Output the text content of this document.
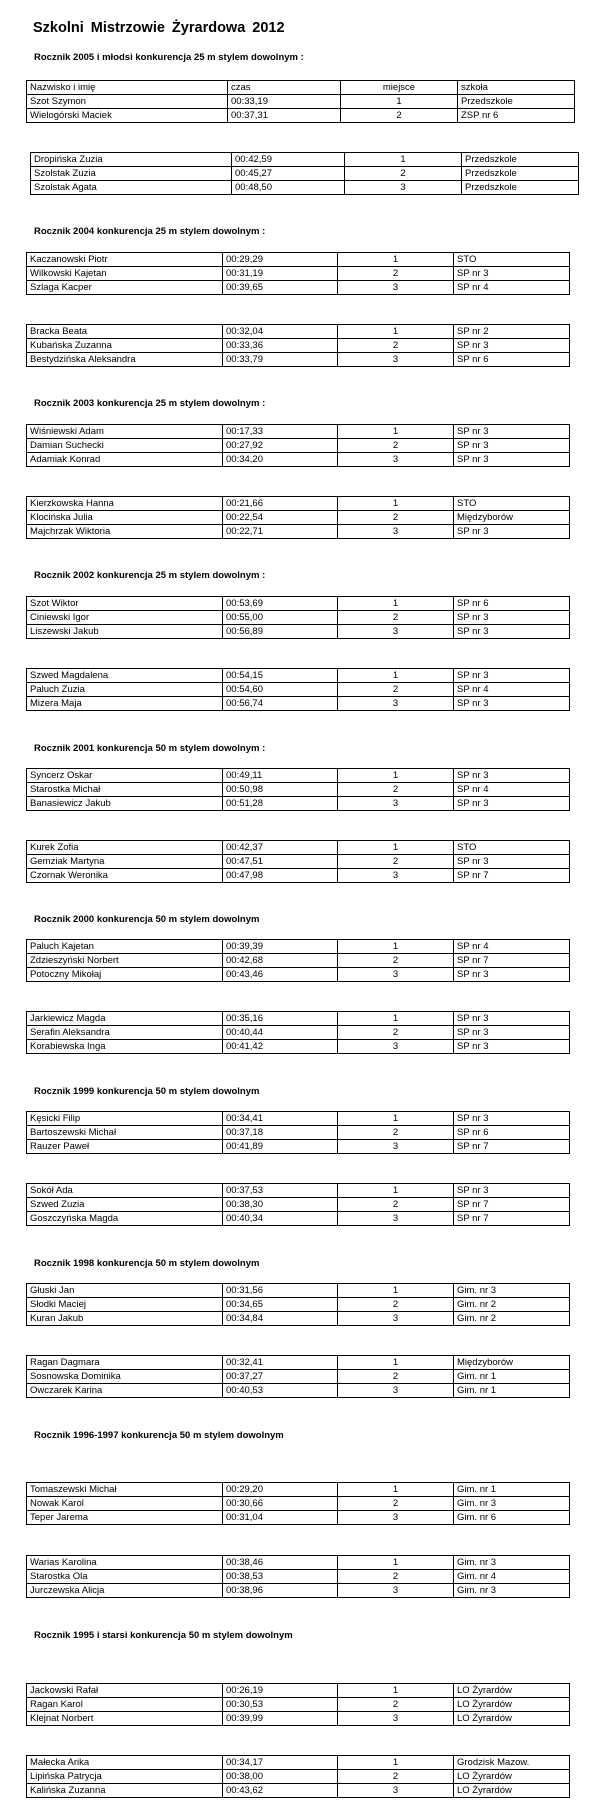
Szkolni Mistrzowie Żyrardowa 2012
Rocznik 2005 i młodsi konkurencja 25 m stylem dowolnym :
Nazwisko i imię	czas	miejsce	szkoła
Szot Szymon	00:33,19	1	Przedszkole
Wielogórski Maciek	00:37,31	2	ZSP nr 6
Dropińska Zuzia	00:42,59	1	Przedszkole
Szolstak Zuzia	00:45,27	2	Przedszkole
Szolstak Agata	00:48,50	3	Przedszkole
Rocznik 2004 konkurencja 25 m stylem dowolnym :
Kaczanowski Piotr	00:29,29	1	STO
Wilkowski Kajetan	00:31,19	2	SP nr 3
Szlaga Kacper	00:39,65	3	SP nr 4
Bracka Beata	00:32,04	1	SP nr 2
Kubańska Zuzanna	00:33,36	2	SP nr 3
Bestydzińska Aleksandra	00:33,79	3	SP nr 6
Rocznik 2003 konkurencja 25 m stylem dowolnym :
Wiśniewski Adam	00:17,33	1	SP nr 3
Damian Suchecki	00:27,92	2	SP nr 3
Adamiak Konrad	00:34,20	3	SP nr 3
Kierzkowska Hanna	00:21,66	1	STO
Klocińska Julia	00:22,54	2	Międzyborów
Majchrzak Wiktoria	00:22,71	3	SP nr 3
Rocznik 2002 konkurencja 25 m stylem dowolnym :
Szot Wiktor	00:53,69	1	SP nr 6
Ciniewski Igor	00:55,00	2	SP nr 3
Liszewski Jakub	00:56,89	3	SP nr 3
Szwed Magdalena	00:54,15	1	SP nr 3
Paluch Zuzia	00:54,60	2	SP nr 4
Mizera Maja	00:56,74	3	SP nr 3
Rocznik 2001 konkurencja 50 m stylem dowolnym :
Syncerz Oskar	00:49,11	1	SP nr 3
Starostka Michał	00:50,98	2	SP nr 4
Banasiewicz Jakub	00:51,28	3	SP nr 3
Kurek Zofia	00:42,37	1	STO
Gemziak Martyna	00:47,51	2	SP nr 3
Czornak Weronika	00:47,98	3	SP nr 7
Rocznik 2000 konkurencja 50 m stylem dowolnym
Paluch Kajetan	00:39,39	1	SP nr 4
Zdzieszyński Norbert	00:42,68	2	SP nr 7
Potoczny Mikołaj	00:43,46	3	SP nr 3
Jarkiewicz Magda	00:35,16	1	SP nr 3
Serafin Aleksandra	00:40,44	2	SP nr 3
Korabiewska Inga	00:41,42	3	SP nr 3
Rocznik 1999 konkurencja 50 m stylem dowolnym
Kęsicki Filip	00:34,41	1	SP nr 3
Bartoszewski Michał	00:37,18	2	SP nr 6
Rauzer Paweł	00:41,89	3	SP nr 7
Sokół Ada	00:37,53	1	SP nr 3
Szwed Zuzia	00:38,30	2	SP nr 7
Goszczyńska Magda	00:40,34	3	SP nr 7
Rocznik 1998 konkurencja 50 m stylem dowolnym
Głuski Jan	00:31,56	1	Gim. nr 3
Słodki Maciej	00:34,65	2	Gim. nr 2
Kuran Jakub	00:34,84	3	Gim. nr 2
Ragan Dagmara	00:32,41	1	Międzyborów
Sosnowska Dominika	00:37,27	2	Gim. nr 1
Owczarek Karina	00:40,53	3	Gim. nr 1
Rocznik 1996-1997 konkurencja 50 m stylem dowolnym
Tomaszewski Michał	00:29,20	1	Gim. nr 1
Nowak Karol	00:30,66	2	Gim. nr 3
Teper Jarema	00:31,04	3	Gim. nr 6
Warias Karolina	00:38,46	1	Gim. nr 3
Starostka Ola	00:38,53	2	Gim. nr 4
Jurczewska Alicja	00:38,96	3	Gim. nr 3
Rocznik 1995 i starsi konkurencja 50 m stylem dowolnym
Jackowski Rafał	00:26,19	1	LO Żyrardów
Ragan Karol	00:30,53	2	LO Żyrardów
Klejnat Norbert	00:39,99	3	LO Żyrardów
Małecka Arika	00:34,17	1	Grodzisk Mazow.
Lipińska Patrycja	00:38,00	2	LO Żyrardów
Kalińska Zuzanna	00:43,62	3	LO Żyrardów
